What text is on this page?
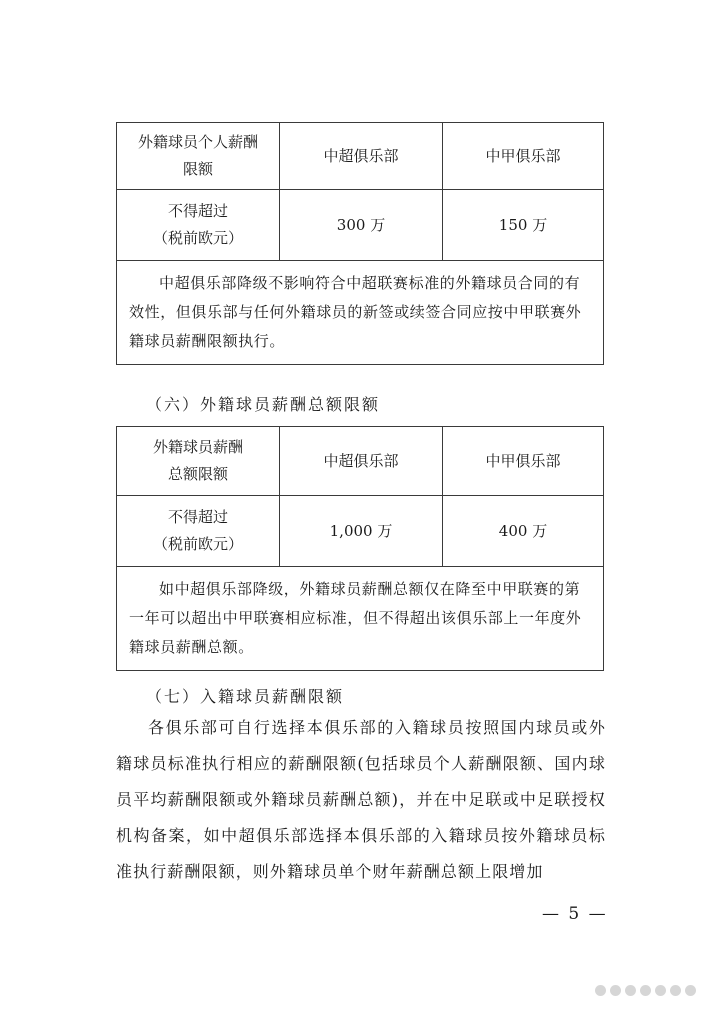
外籍球员个人薪酬
限额	中超俱乐部	中甲俱乐部

不得超过
（税前欧元）	300 万	150 万
中超俱乐部降级不影响符合中超联赛标准的外籍球员合同的有效性，但俱乐部与任何外籍球员的新签或续签合同应按中甲联赛外籍球员薪酬限额执行。		
（六）外籍球员薪酬总额限额
外籍球员薪酬
总额限额	中超俱乐部	中甲俱乐部

不得超过
（税前欧元）	1,000 万	400 万
如中超俱乐部降级，外籍球员薪酬总额仅在降至中甲联赛的第一年可以超出中甲联赛相应标准，但不得超出该俱乐部上一年度外籍球员薪酬总额。		
（七）入籍球员薪酬限额
各俱乐部可自行选择本俱乐部的入籍球员按照国内球员或外籍球员标准执行相应的薪酬限额(包括球员个人薪酬限额、国内球员平均薪酬限额或外籍球员薪酬总额)，并在中足联或中足联授权机构备案，如中超俱乐部选择本俱乐部的入籍球员按外籍球员标准执行薪酬限额，则外籍球员单个财年薪酬总额上限增加
— 5 —
